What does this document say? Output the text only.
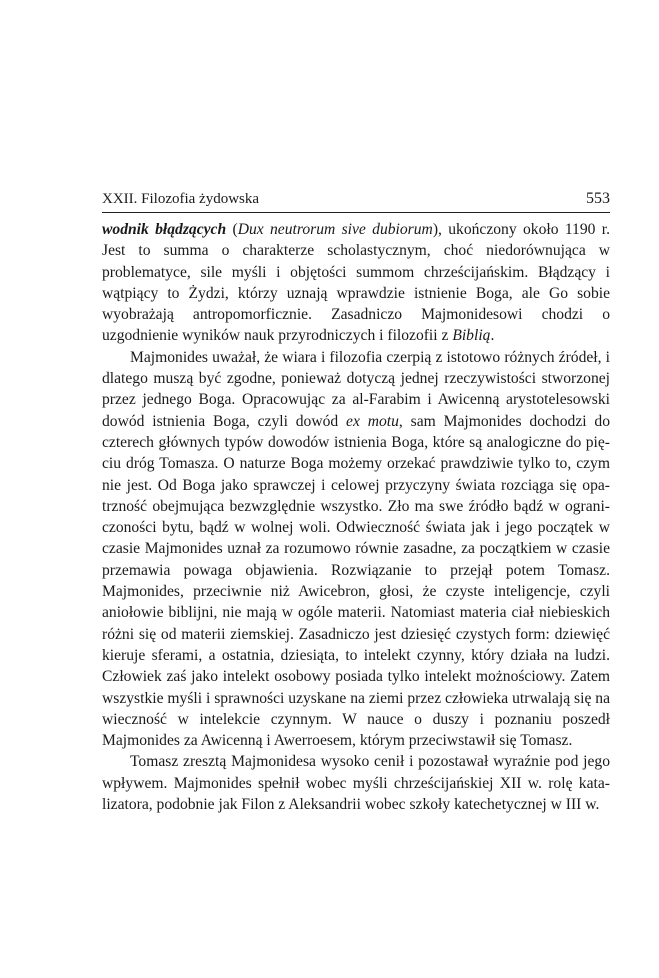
XXII. Filozofia żydowska	553

wodnik błądzących (Dux neutrorum sive dubiorum), ukończony około 1190 r. Jest to summa o charakterze scholastycznym, choć niedorównująca w problematyce, sile myśli i objętości summom chrześcijańskim. Błądzący i wątpiący to Żydzi, którzy uznają wprawdzie istnienie Boga, ale Go sobie wyobrażają antropomorficznie. Zasadniczo Majmonidesowi chodzi o uzgodnienie wyników nauk przyrodniczych i filozofii z Biblią.

Majmonides uważał, że wiara i filozofia czerpią z istotowo różnych źródeł, i dlatego muszą być zgodne, ponieważ dotyczą jednej rzeczywistości stworzonej przez jednego Boga. Opracowując za al-Farabim i Awicenną arystotelesowski dowód istnienia Boga, czyli dowód ex motu, sam Majmonides dochodzi do czterech głównych typów dowodów istnienia Boga, które są analogiczne do pięciu dróg Tomasza. O naturze Boga możemy orzekać prawdziwie tylko to, czym nie jest. Od Boga jako sprawczej i celowej przyczyny świata rozciąga się opatrzność obejmująca bezwzględnie wszystko. Zło ma swe źródło bądź w ograniczoności bytu, bądź w wolnej woli. Odwieczność świata jak i jego początek w czasie Majmonides uznał za rozumowo równie zasadne, za początkiem w czasie przemawia powaga objawienia. Rozwiązanie to przejął potem Tomasz. Majmonides, przeciwnie niż Awicebron, głosi, że czyste inteligencje, czyli aniołowie biblijni, nie mają w ogóle materii. Natomiast materia ciał niebieskich różni się od materii ziemskiej. Zasadniczo jest dziesięć czystych form: dziewięć kieruje sferami, a ostatnia, dziesiąta, to intelekt czynny, który działa na ludzi. Człowiek zaś jako intelekt osobowy posiada tylko intelekt możnościowy. Zatem wszystkie myśli i sprawności uzyskane na ziemi przez człowieka utrwalają się na wieczność w intelekcie czynnym. W nauce o duszy i poznaniu poszedł Majmonides za Awicenną i Awerroesem, którym przeciwstawił się Tomasz.

Tomasz zresztą Majmonidesa wysoko cenił i pozostawał wyraźnie pod jego wpływem. Majmonides spełnił wobec myśli chrześcijańskiej XII w. rolę katalizatora, podobnie jak Filon z Aleksandrii wobec szkoły katechetycznej w III w.
